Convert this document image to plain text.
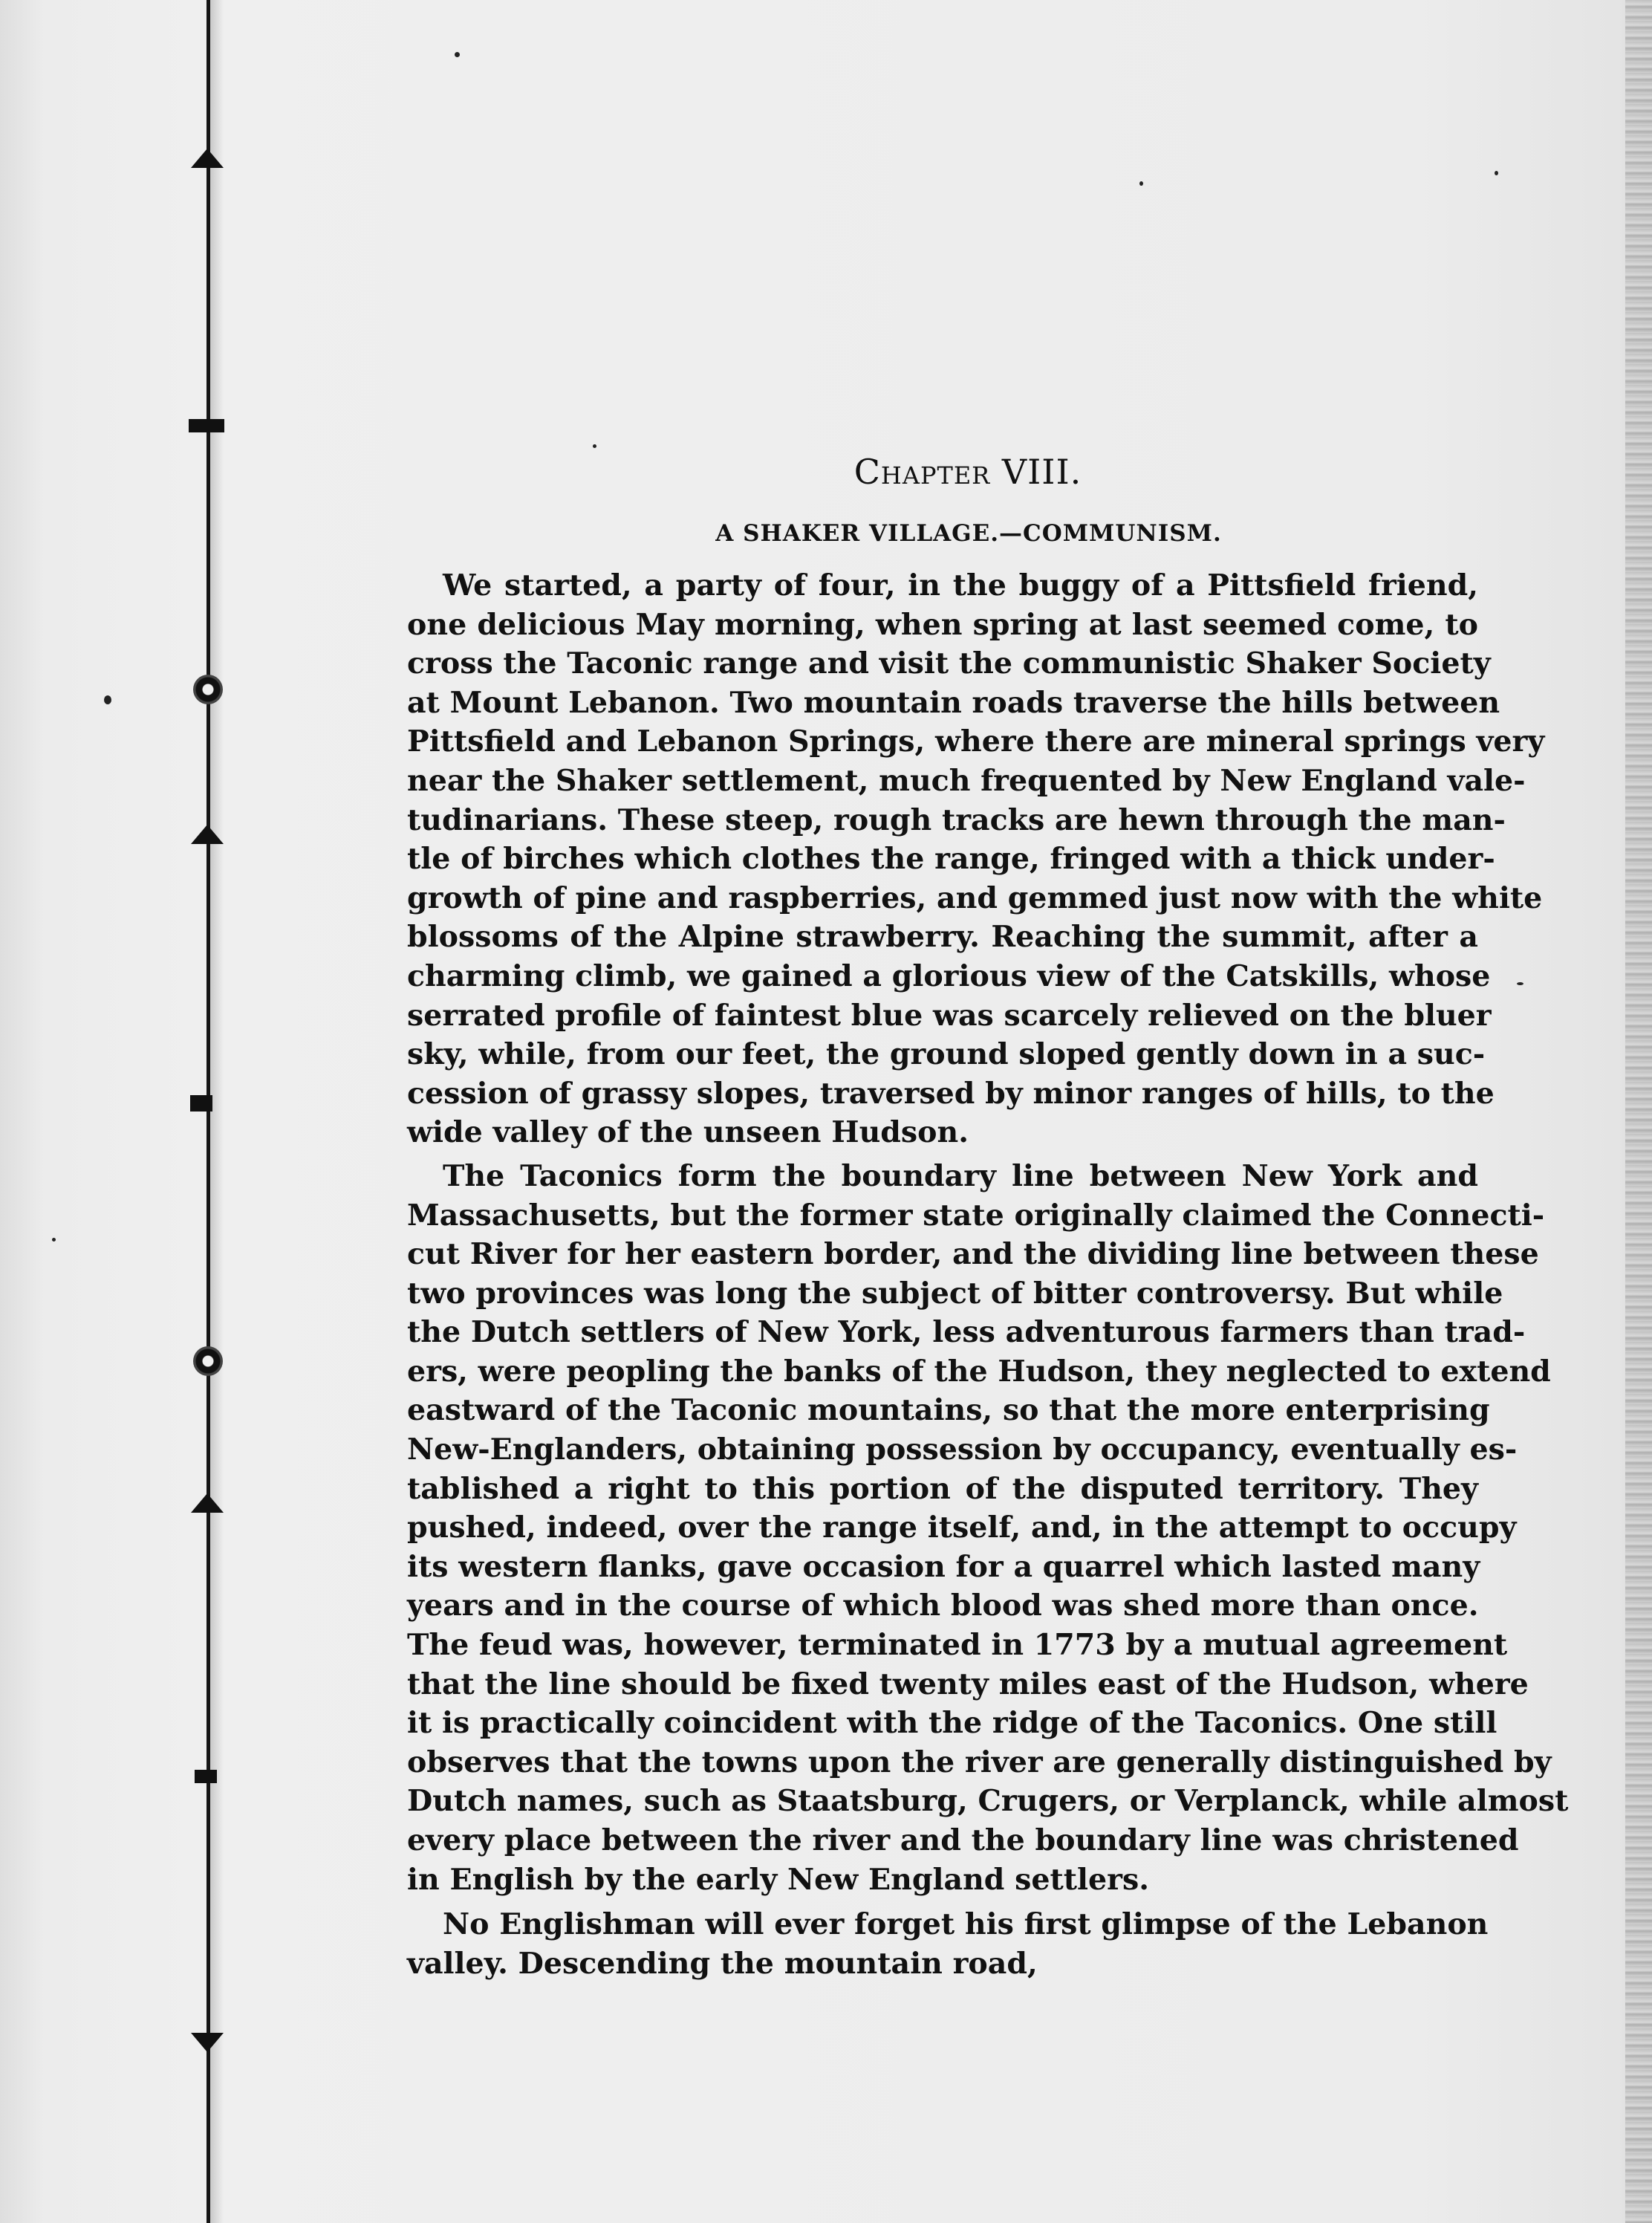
Chapter VIII.
A SHAKER VILLAGE.—COMMUNISM.
We started, a party of four, in the buggy of a Pittsfield friend,
one delicious May morning, when spring at last seemed come, to
cross the Taconic range and visit the communistic Shaker Society
at Mount Lebanon. Two mountain roads traverse the hills between
Pittsfield and Lebanon Springs, where there are mineral springs very
near the Shaker settlement, much frequented by New England vale-
tudinarians. These steep, rough tracks are hewn through the man-
tle of birches which clothes the range, fringed with a thick under-
growth of pine and raspberries, and gemmed just now with the white
blossoms of the Alpine strawberry. Reaching the summit, after a
charming climb, we gained a glorious view of the Catskills, whose
serrated profile of faintest blue was scarcely relieved on the bluer
sky, while, from our feet, the ground sloped gently down in a suc-
cession of grassy slopes, traversed by minor ranges of hills, to the
wide valley of the unseen Hudson.
The Taconics form the boundary line between New York and
Massachusetts, but the former state originally claimed the Connecti-
cut River for her eastern border, and the dividing line between these
two provinces was long the subject of bitter controversy. But while
the Dutch settlers of New York, less adventurous farmers than trad-
ers, were peopling the banks of the Hudson, they neglected to extend
eastward of the Taconic mountains, so that the more enterprising
New-Englanders, obtaining possession by occupancy, eventually es-
tablished a right to this portion of the disputed territory. They
pushed, indeed, over the range itself, and, in the attempt to occupy
its western flanks, gave occasion for a quarrel which lasted many
years and in the course of which blood was shed more than once.
The feud was, however, terminated in 1773 by a mutual agreement
that the line should be fixed twenty miles east of the Hudson, where
it is practically coincident with the ridge of the Taconics. One still
observes that the towns upon the river are generally distinguished by
Dutch names, such as Staatsburg, Crugers, or Verplanck, while almost
every place between the river and the boundary line was christened
in English by the early New England settlers.
No Englishman will ever forget his first glimpse of the Lebanon
valley. Descending the mountain road,
